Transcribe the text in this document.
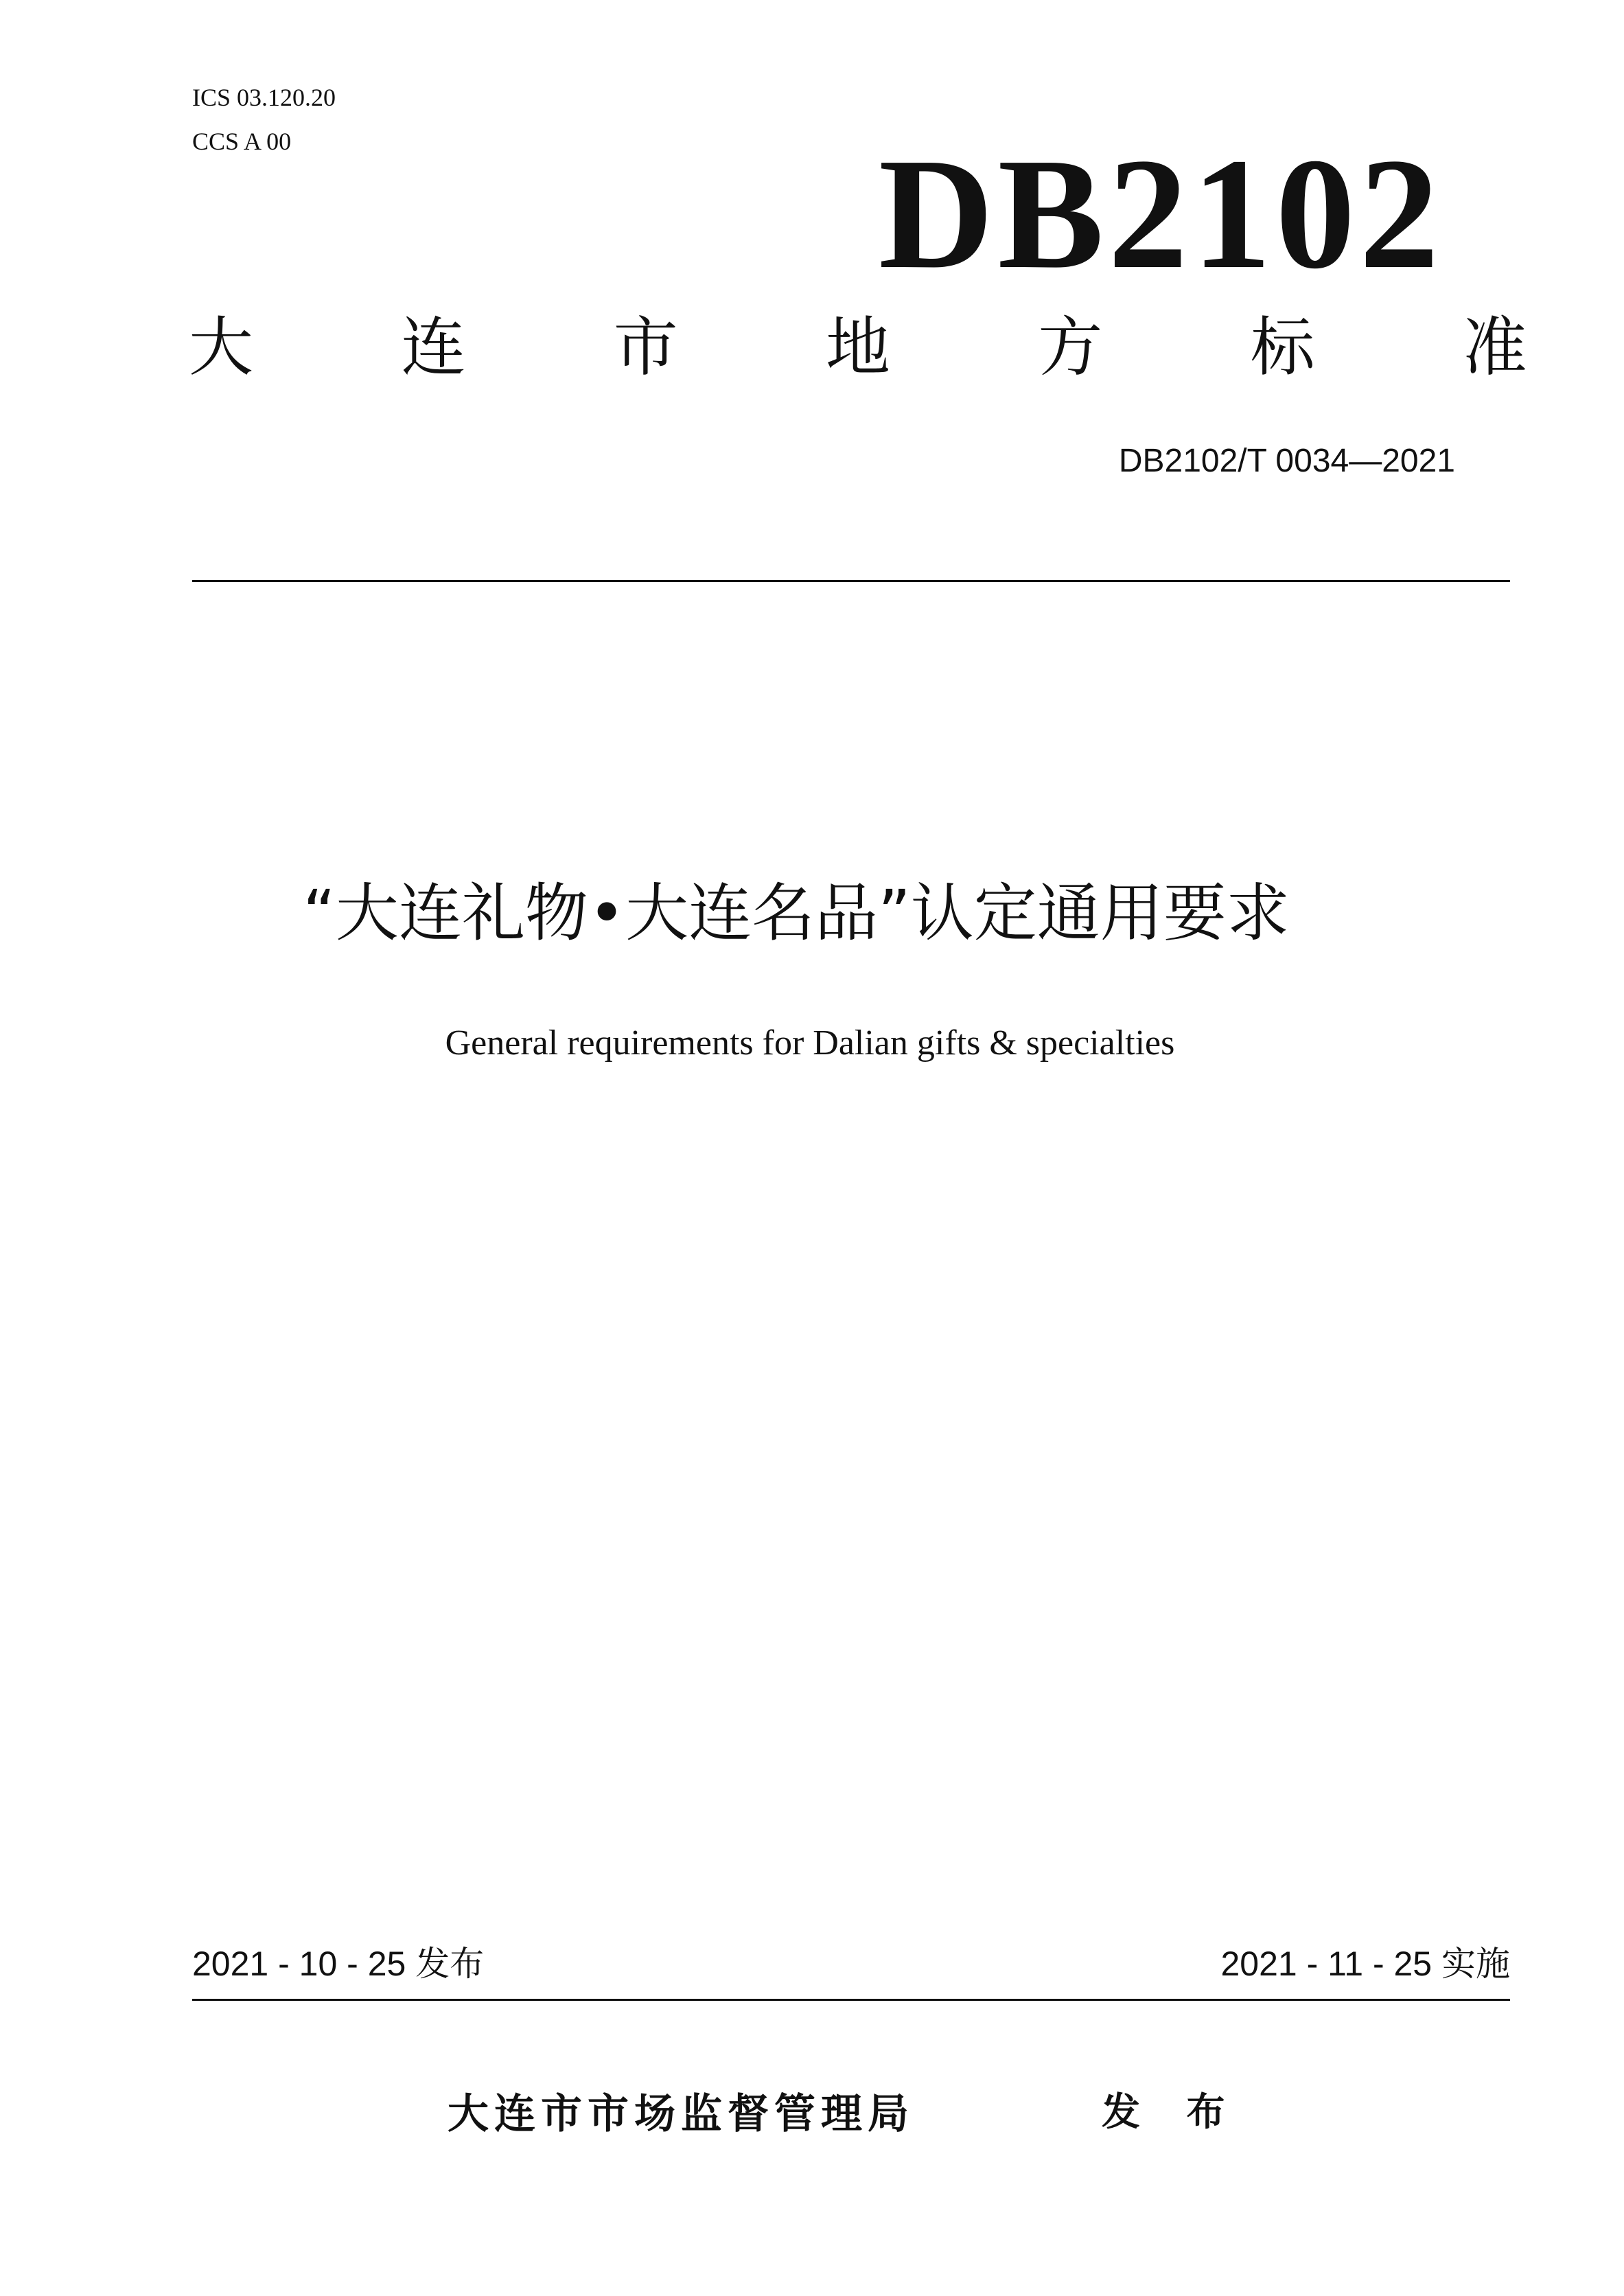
ICS 03.120.20
CCS A 00	DB2102
大 连 市 地 方 标 准
DB2102/T 0034—2021
“大连礼物•大连名品”认定通用要求
General requirements for Dalian gifts & specialties
2021 - 10 - 25 发布	2021 - 11 - 25 实施
大连市市场监督管理局	发 布
